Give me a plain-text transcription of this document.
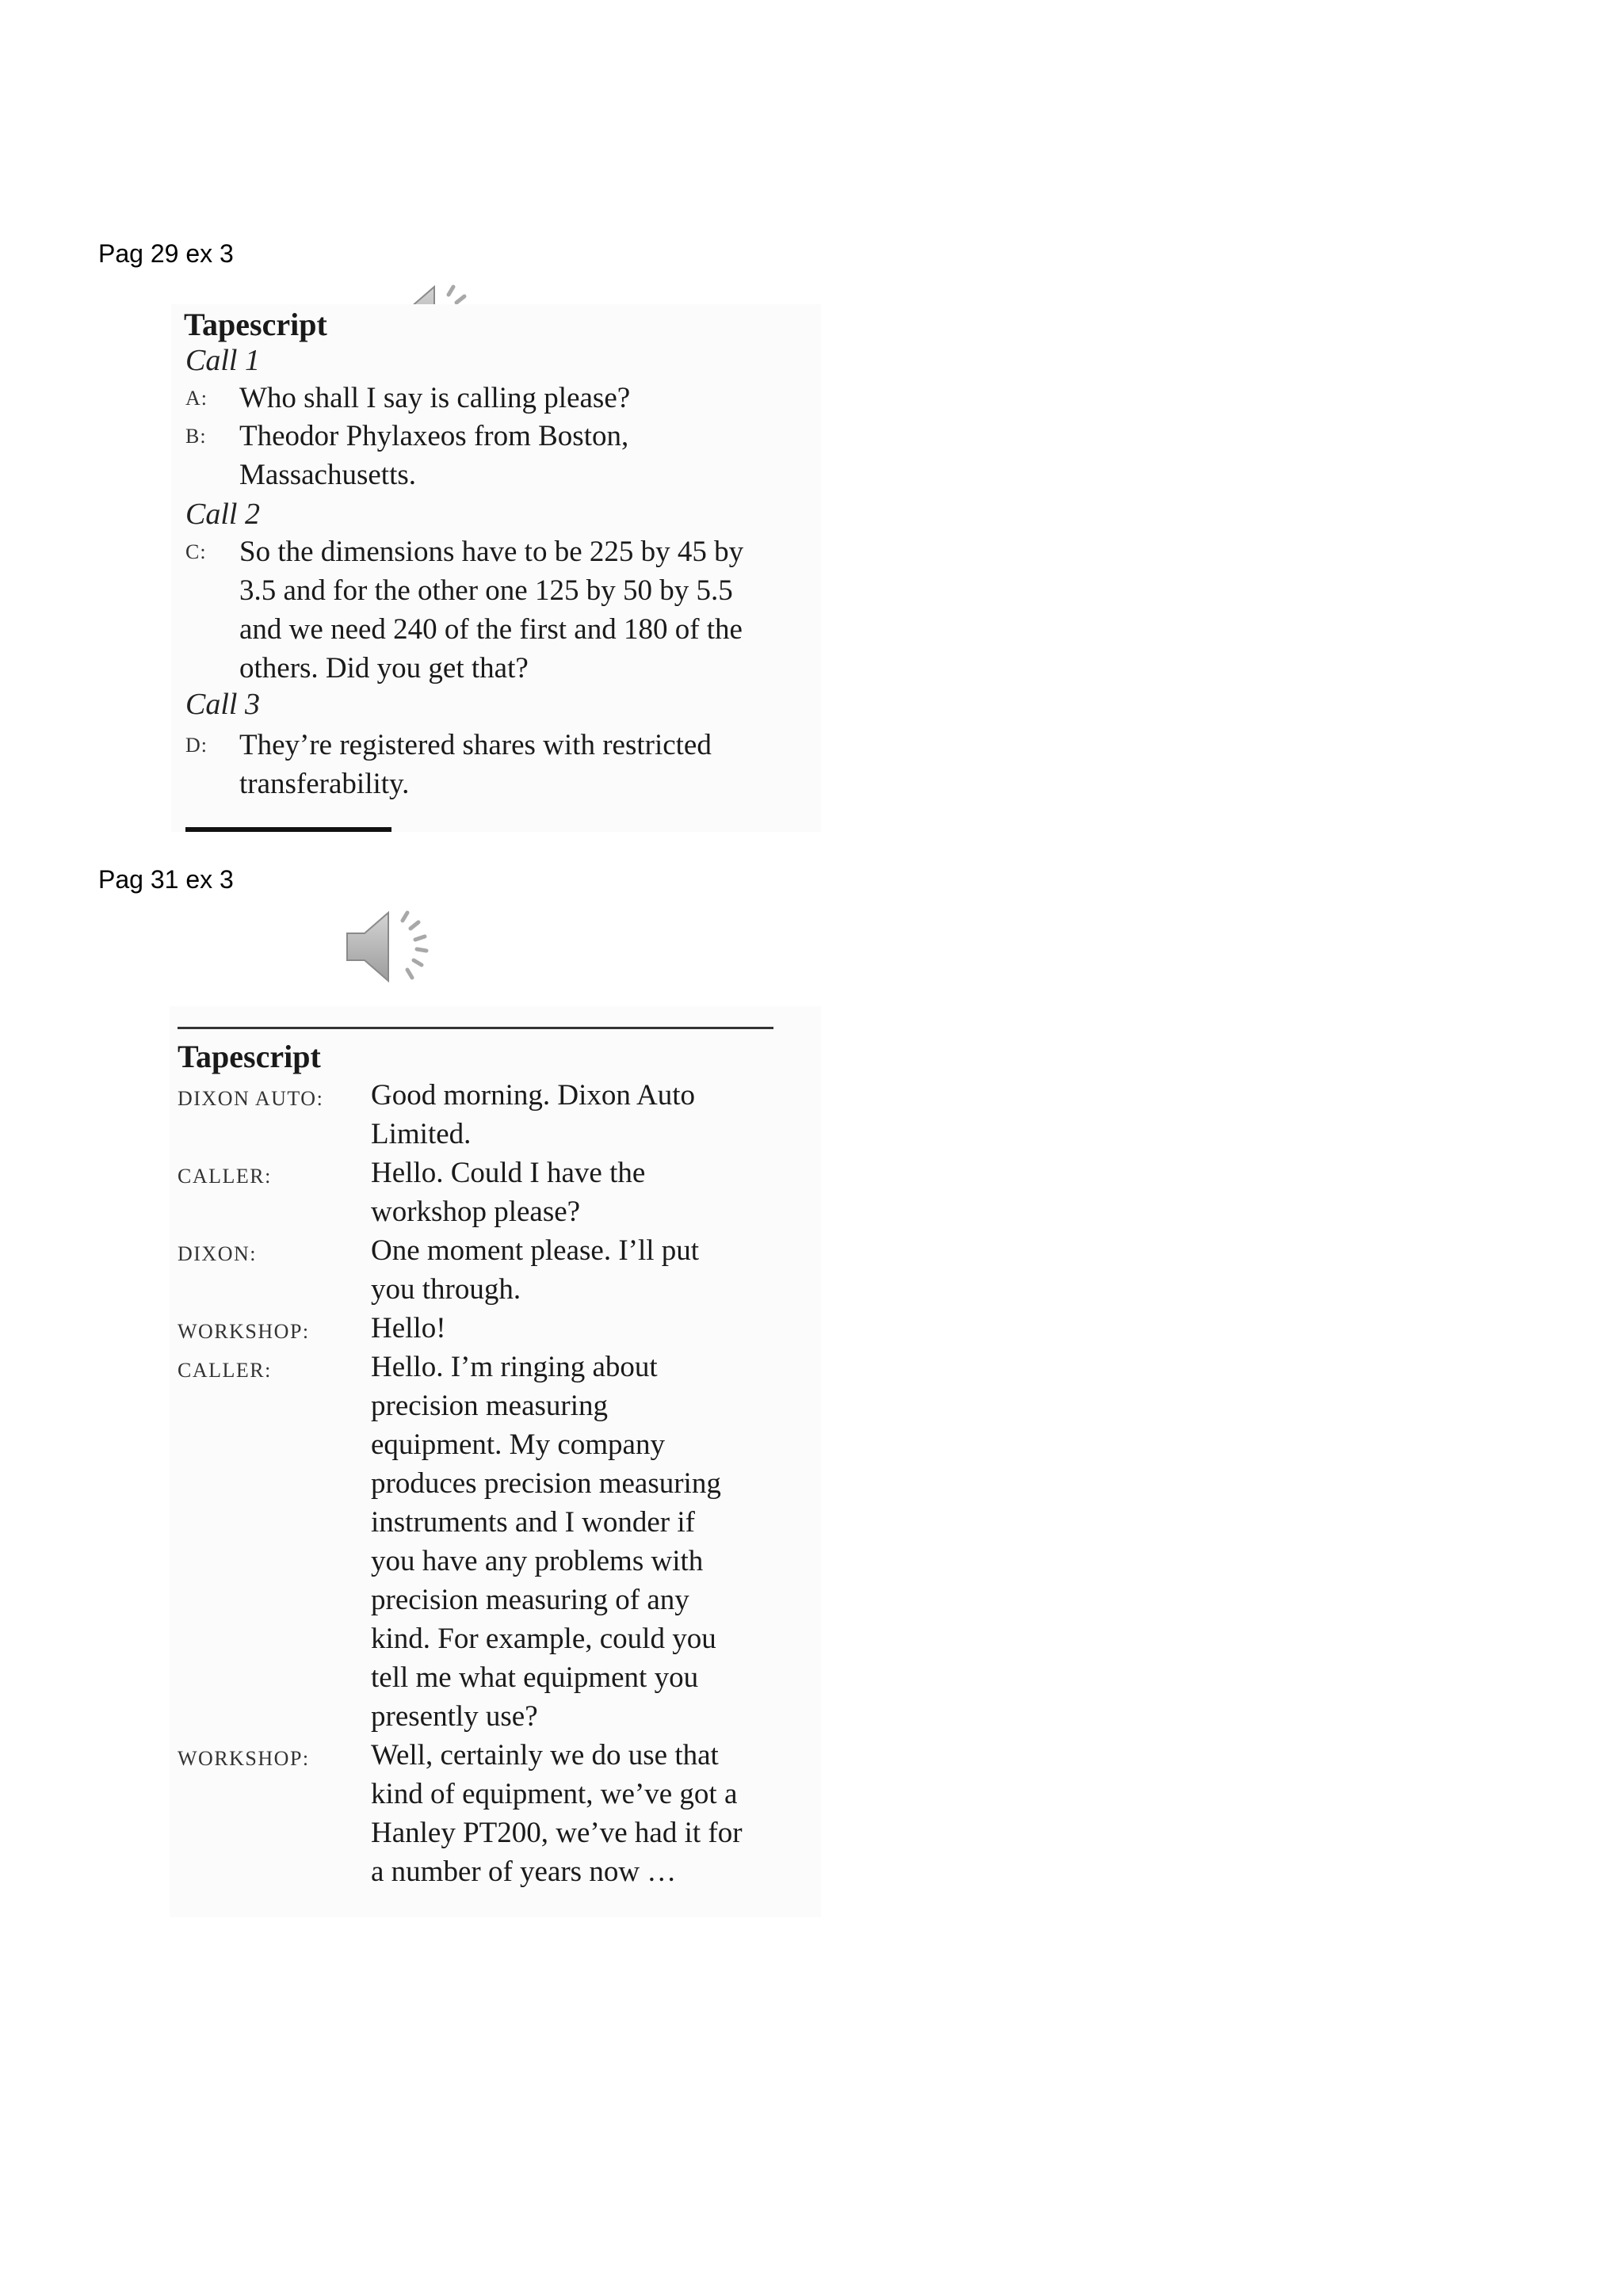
Pag 29 ex 3
Tapescript
Call 1
A: Who shall I say is calling please?
B: Theodor Phylaxeos from Boston,
Massachusetts.
Call 2
C: So the dimensions have to be 225 by 45 by
3.5 and for the other one 125 by 50 by 5.5
and we need 240 of the first and 180 of the
others. Did you get that?
Call 3
D: They’re registered shares with restricted
transferability.
Pag 31 ex 3
Tapescript
DIXON AUTO: Good morning. Dixon Auto
Limited.
CALLER:	Hello. Could I have the
workshop please?
DIXON:	One moment please. I’ll put
you through.
WORKSHOP: Hello!
CALLER:	Hello. I’m ringing about
precision measuring
equipment. My company
produces precision measuring
instruments and I wonder if
you have any problems with
precision measuring of any
kind. For example, could you
tell me what equipment you
presently use?
WORKSHOP: Well, certainly we do use that
kind of equipment, we’ve got a
Hanley PT200, we’ve had it for
a number of years now …
